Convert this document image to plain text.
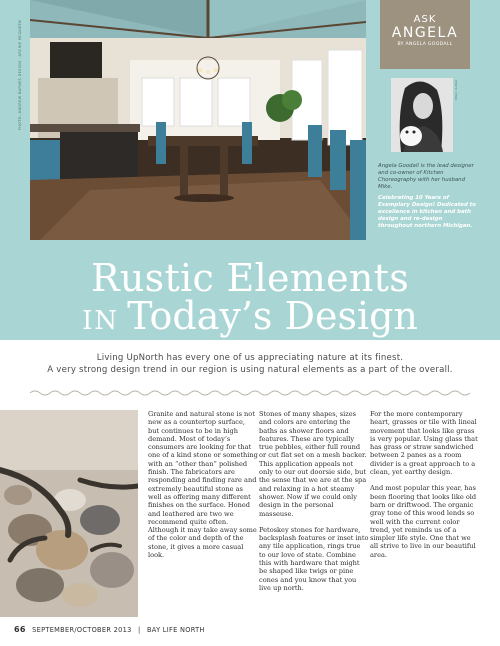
PHOTO: ANDREW BARNES DESIGN · ARCHIE MCQUEEN
ASK
ANGELA
BY ANGELA GOODALL
PHOTO: CYNDI
Angela Goodall is the lead designer and co-owner of Kitchen Choreography with her husband Mike.
Celebrating 10 Years of Exemplary Design! Dedicated to excellence in kitchen and bath design and re-design throughout northern Michigan.
Rustic Elements
IN Today’s Design
Living UpNorth has every one of us appreciating nature at its finest.
A very strong design trend in our region is using natural elements as a part of the overall.

Granite and natural stone is not new as a countertop surface, but continues to be in high demand. Most of today’s consumers are looking for that one of a kind stone or something with an “other than” polished finish. The fabricators are responding and finding rare and extremely beautiful stone as well as offering many different finishes on the surface. Honed and leathered are two we recommend quite often. Although it may take away some of the color and depth of the stone, it gives a more casual look.

Stones of many shapes, sizes and colors are entering the baths as shower floors and features. These are typically true pebbles, either full round or cut flat set on a mesh backer. This application appeals not only to our out doorsie side, but the sense that we are at the spa and relaxing in a hot steamy shower. Now if we could only design in the personal masseuse.

Petoskey stones for hardware, backsplash features or inset into any tile application, rings true to our love of state. Combine this with hardware that might be shaped like twigs or pine cones and you know that you live up north.

For the more contemporary heart, grasses or tile with lineal movement that looks like grass is very popular. Using glass that has grass or straw sandwiched between 2 panes as a room divider is a great approach to a clean, yet earthy design.

And most popular this year, has been flooring that looks like old barn or driftwood. The organic gray tone of this wood lends so well with the current color trend, yet reminds us of a simpler life style. One that we all strive to live in our beautiful area.

66 SEPTEMBER/OCTOBER 2013 | BAY LIFE NORTH
